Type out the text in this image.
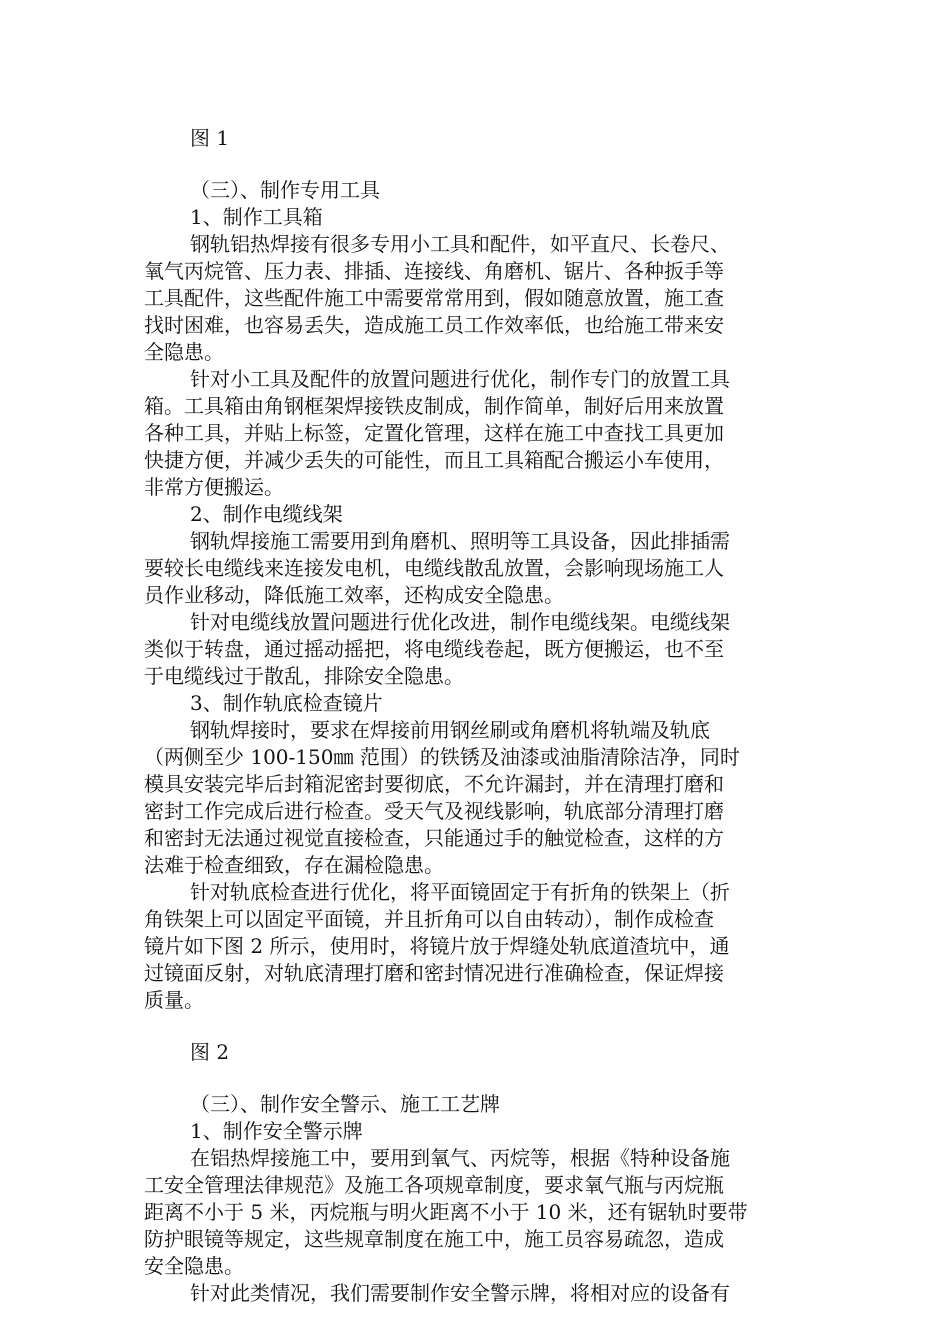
图 1
（三）、制作专用工具
1、制作工具箱
钢轨铝热焊接有很多专用小工具和配件，如平直尺、长卷尺、
氧气丙烷管、压力表、排插、连接线、角磨机、锯片、各种扳手等
工具配件，这些配件施工中需要常常用到，假如随意放置，施工查
找时困难，也容易丢失，造成施工员工作效率低，也给施工带来安
全隐患。
针对小工具及配件的放置问题进行优化，制作专门的放置工具
箱。工具箱由角钢框架焊接铁皮制成，制作简单，制好后用来放置
各种工具，并贴上标签，定置化管理，这样在施工中查找工具更加
快捷方便，并减少丢失的可能性，而且工具箱配合搬运小车使用，
非常方便搬运。
2、制作电缆线架
钢轨焊接施工需要用到角磨机、照明等工具设备，因此排插需
要较长电缆线来连接发电机，电缆线散乱放置，会影响现场施工人
员作业移动，降低施工效率，还构成安全隐患。
针对电缆线放置问题进行优化改进，制作电缆线架。电缆线架
类似于转盘，通过摇动摇把，将电缆线卷起，既方便搬运，也不至
于电缆线过于散乱，排除安全隐患。
3、制作轨底检查镜片
钢轨焊接时，要求在焊接前用钢丝刷或角磨机将轨端及轨底
（两侧至少 100-150㎜ 范围）的铁锈及油漆或油脂清除洁净，同时
模具安装完毕后封箱泥密封要彻底，不允许漏封，并在清理打磨和
密封工作完成后进行检查。受天气及视线影响，轨底部分清理打磨
和密封无法通过视觉直接检查，只能通过手的触觉检查，这样的方
法难于检查细致，存在漏检隐患。
针对轨底检查进行优化，将平面镜固定于有折角的铁架上（折
角铁架上可以固定平面镜，并且折角可以自由转动），制作成检查
镜片如下图 2 所示，使用时，将镜片放于焊缝处轨底道渣坑中，通
过镜面反射，对轨底清理打磨和密封情况进行准确检查，保证焊接
质量。
图 2
（三）、制作安全警示、施工工艺牌
1、制作安全警示牌
在铝热焊接施工中，要用到氧气、丙烷等，根据《特种设备施
工安全管理法律规范》及施工各项规章制度，要求氧气瓶与丙烷瓶
距离不小于 5 米，丙烷瓶与明火距离不小于 10 米，还有锯轨时要带
防护眼镜等规定，这些规章制度在施工中，施工员容易疏忽，造成
安全隐患。
针对此类情况，我们需要制作安全警示牌，将相对应的设备有
